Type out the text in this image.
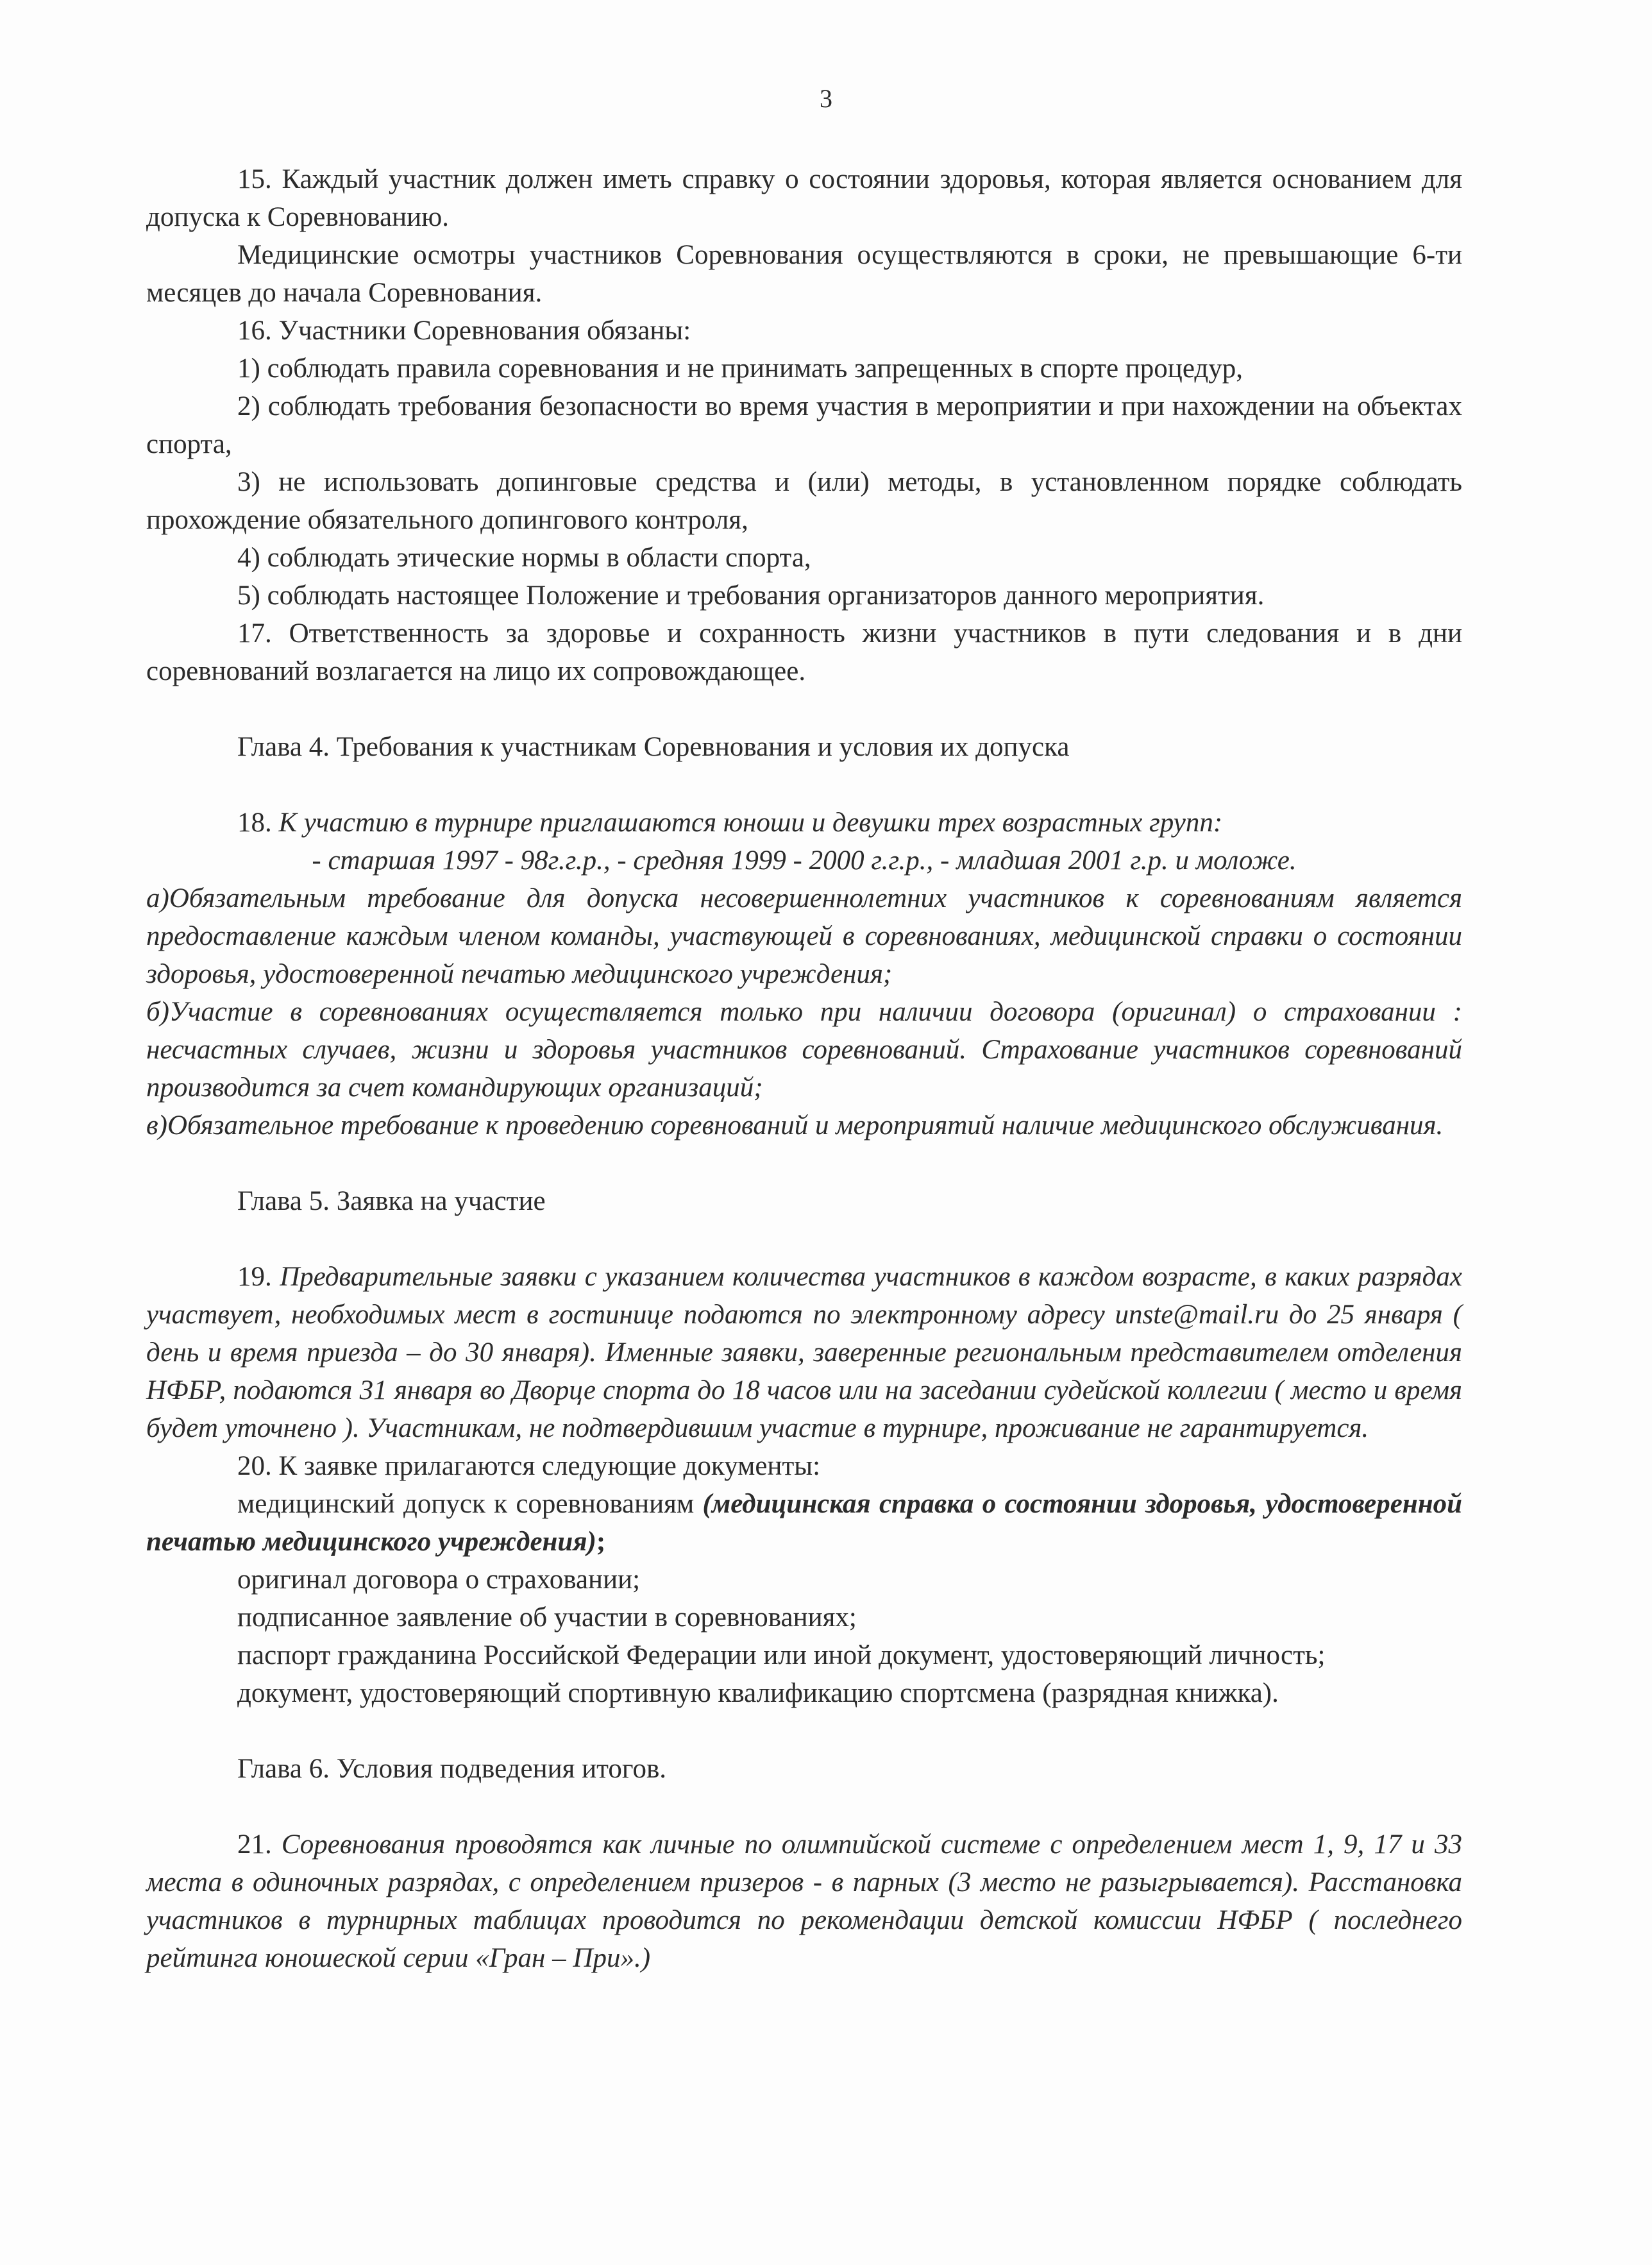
3

15. Каждый участник должен иметь справку о состоянии здоровья, которая является основанием для допуска к Соревнованию.

Медицинские осмотры участников Соревнования осуществляются в сроки, не превышающие 6-ти месяцев до начала Соревнования.

16. Участники Соревнования обязаны:

1) соблюдать правила соревнования и не принимать запрещенных в спорте процедур,

2) соблюдать требования безопасности во время участия в мероприятии и при нахождении на объектах спорта,

3) не использовать допинговые средства и (или) методы, в установленном порядке соблюдать прохождение обязательного допингового контроля,

4) соблюдать этические нормы в области спорта,

5) соблюдать настоящее Положение и требования организаторов данного мероприятия.

17. Ответственность за здоровье и сохранность жизни участников в пути следования и в дни соревнований возлагается на лицо их сопровождающее.

Глава 4. Требования к участникам Соревнования и условия их допуска

18. К участию в турнире приглашаются юноши и девушки трех возрастных групп:

- старшая 1997 - 98г.г.р., - средняя 1999 - 2000 г.г.р., - младшая 2001 г.р. и моложе.

а)Обязательным требование для допуска несовершеннолетних участников к соревнованиям является предоставление каждым членом команды, участвующей в соревнованиях, медицинской справки о состоянии здоровья, удостоверенной печатью медицинского учреждения;

б)Участие в соревнованиях осуществляется только при наличии договора (оригинал) о страховании : несчастных случаев, жизни и здоровья участников соревнований. Страхование участников соревнований производится за счет командирующих организаций;

в)Обязательное требование к проведению соревнований и мероприятий наличие медицинского обслуживания.

Глава 5. Заявка на участие

19. Предварительные заявки с указанием количества участников в каждом возрасте, в каких разрядах участвует, необходимых мест в гостинице подаются по электронному адресу unste@mail.ru до 25 января ( день и время приезда – до 30 января). Именные заявки, заверенные региональным представителем отделения НФБР, подаются 31 января во Дворце спорта до 18 часов или на заседании судейской коллегии ( место и время будет уточнено ). Участникам, не подтвердившим участие в турнире, проживание не гарантируется.

20. К заявке прилагаются следующие документы:

медицинский допуск к соревнованиям (медицинская справка о состоянии здоровья, удостоверенной печатью медицинского учреждения);

оригинал договора о страховании;

подписанное заявление об участии в соревнованиях;

паспорт гражданина Российской Федерации или иной документ, удостоверяющий личность;

документ, удостоверяющий спортивную квалификацию спортсмена (разрядная книжка).

Глава 6. Условия подведения итогов.

21. Соревнования проводятся как личные по олимпийской системе с определением мест 1, 9, 17 и 33 места в одиночных разрядах, с определением призеров - в парных (3 место не разыгрывается). Расстановка участников в турнирных таблицах проводится по рекомендации детской комиссии НФБР ( последнего рейтинга юношеской серии «Гран – При».)
